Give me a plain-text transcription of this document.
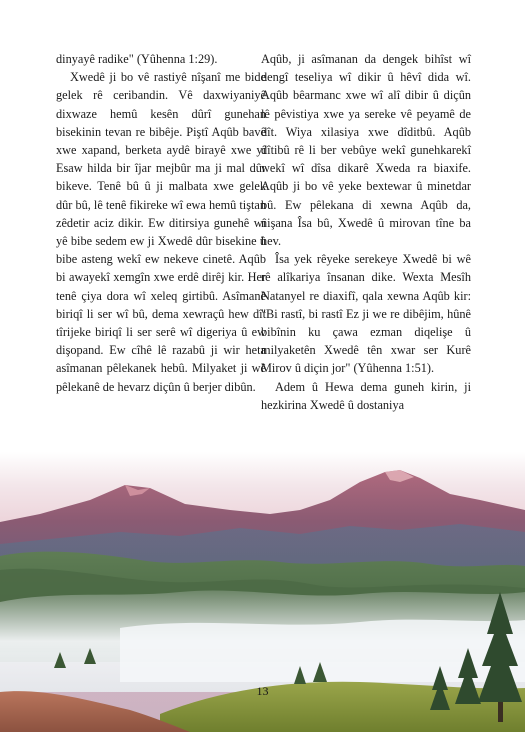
dinyayê radike" (Yûhenna 1:29).

Xwedê ji bo vê rastiyê nîşanî me bide gelek rê ceribandin. Vê daxwiyaniyê dixwaze hemû kesên dûrî gunehan bisekinin tevan re bibêje. Piştî Aqûb bavê xwe xapand, berketa aydê birayê xwe yî Esaw hilda bir îjar mejbûr ma ji mal dûr bikeve. Tenê bû û ji malbata xwe gelek dûr bû, lê tenê fikireke wî ewa hemû tiştan zêdetir aciz dikir. Ew ditirsiya gunehê wî yê bibe sedem ew ji Xwedê dûr bisekine û bibe asteng wekî ew nekeve cinetê. Aqûb bi awayekî xemgîn xwe erdê dirêj kir. Her tenê çiya dora wî xeleq girtibû. Asîmanê biriqî li ser wî bû, dema xewraçû hew dît tîrijeke biriqî li ser serê wî digeriya û ew dişopand. Ew cîhê lê razabû ji wir heta asîmanan pêlekanek hebû. Milyaket ji wê pêlekanê de hevarz diçûn û berjer dibûn.

Aqûb, ji asîmanan da dengek bihîst wî dengî teseliya wî dikir û hêvî dida wî. Aqûb bêarmanc xwe wî alî dibir û diçûn lê pêvistiya xwe ya sereke vê peyamê de dît. Wiya xilasiya xwe dîditbû. Aqûb dîtibû rê li ber vebûye wekî gunehkarekî wekî wî dîsa dikarê Xweda ra biaxife. Aqûb ji bo vê yeke bextewar û minetdar bû. Ew pêlekana di xewna Aqûb da, nişana Îsa bû, Xwedê û mirovan tîne ba hev.

Îsa yek rêyeke serekeye Xwedê bi wê rê alîkariya însanan dike. Wexta Mesîh Natanyel re diaxifî, qala xewna Aqûb kir: "Bi rastî, bi rastî Ez ji we re dibêjim, hûnê bibînin ku çawa ezman diqelişe û milyaketên Xwedê tên xwar ser Kurê Mirov û diçin jor" (Yûhenna 1:51).

Adem û Hewa dema guneh kirin, ji hezkirina Xwedê û dostaniya

13
